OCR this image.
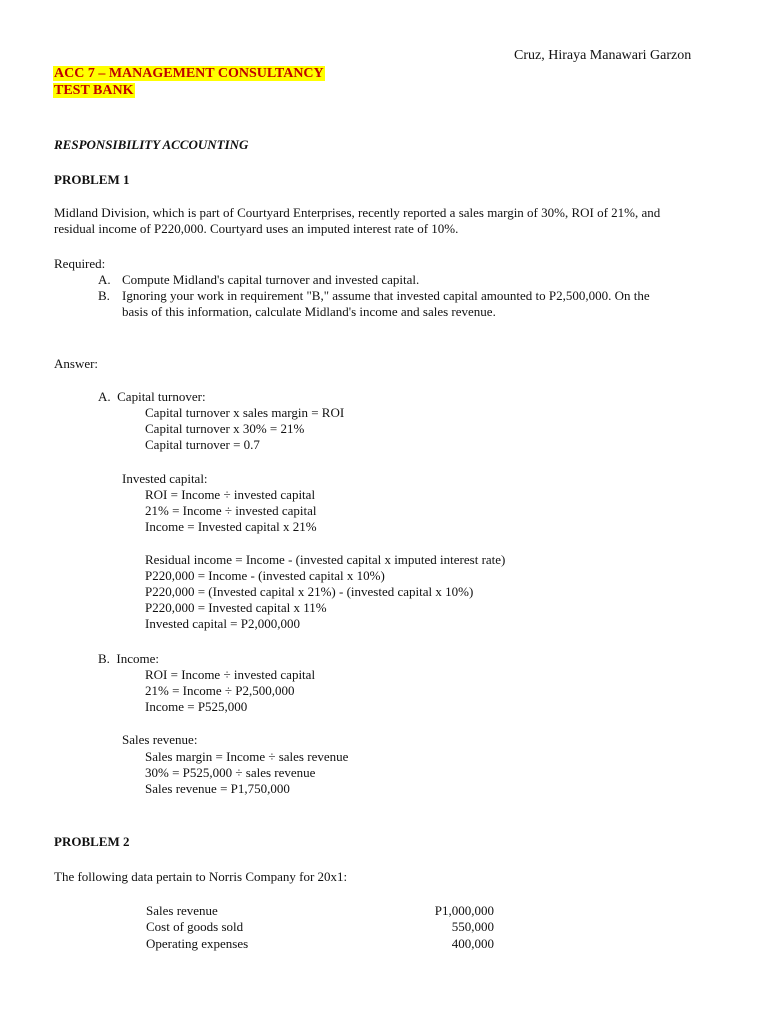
Cruz, Hiraya Manawari Garzon
ACC 7 – MANAGEMENT CONSULTANCY
TEST BANK
RESPONSIBILITY ACCOUNTING
PROBLEM 1
Midland Division, which is part of Courtyard Enterprises, recently reported a sales margin of 30%, ROI of 21%, and
residual income of P220,000. Courtyard uses an imputed interest rate of 10%.
Required:
A. Compute Midland's capital turnover and invested capital.
B. Ignoring your work in requirement "B," assume that invested capital amounted to P2,500,000. On the
basis of this information, calculate Midland's income and sales revenue.
Answer:
A. Capital turnover:
Capital turnover x sales margin = ROI
Capital turnover x 30% = 21%
Capital turnover = 0.7
Invested capital:
ROI = Income ÷ invested capital
21% = Income ÷ invested capital
Income = Invested capital x 21%
Residual income = Income - (invested capital x imputed interest rate)
P220,000 = Income - (invested capital x 10%)
P220,000 = (Invested capital x 21%) - (invested capital x 10%)
P220,000 = Invested capital x 11%
Invested capital = P2,000,000
B. Income:
ROI = Income ÷ invested capital
21% = Income ÷ P2,500,000
Income = P525,000
Sales revenue:
Sales margin = Income ÷ sales revenue
30% = P525,000 ÷ sales revenue
Sales revenue = P1,750,000
PROBLEM 2
The following data pertain to Norris Company for 20x1:
Sales revenue	P1,000,000
Cost of goods sold	550,000
Operating expenses	400,000
